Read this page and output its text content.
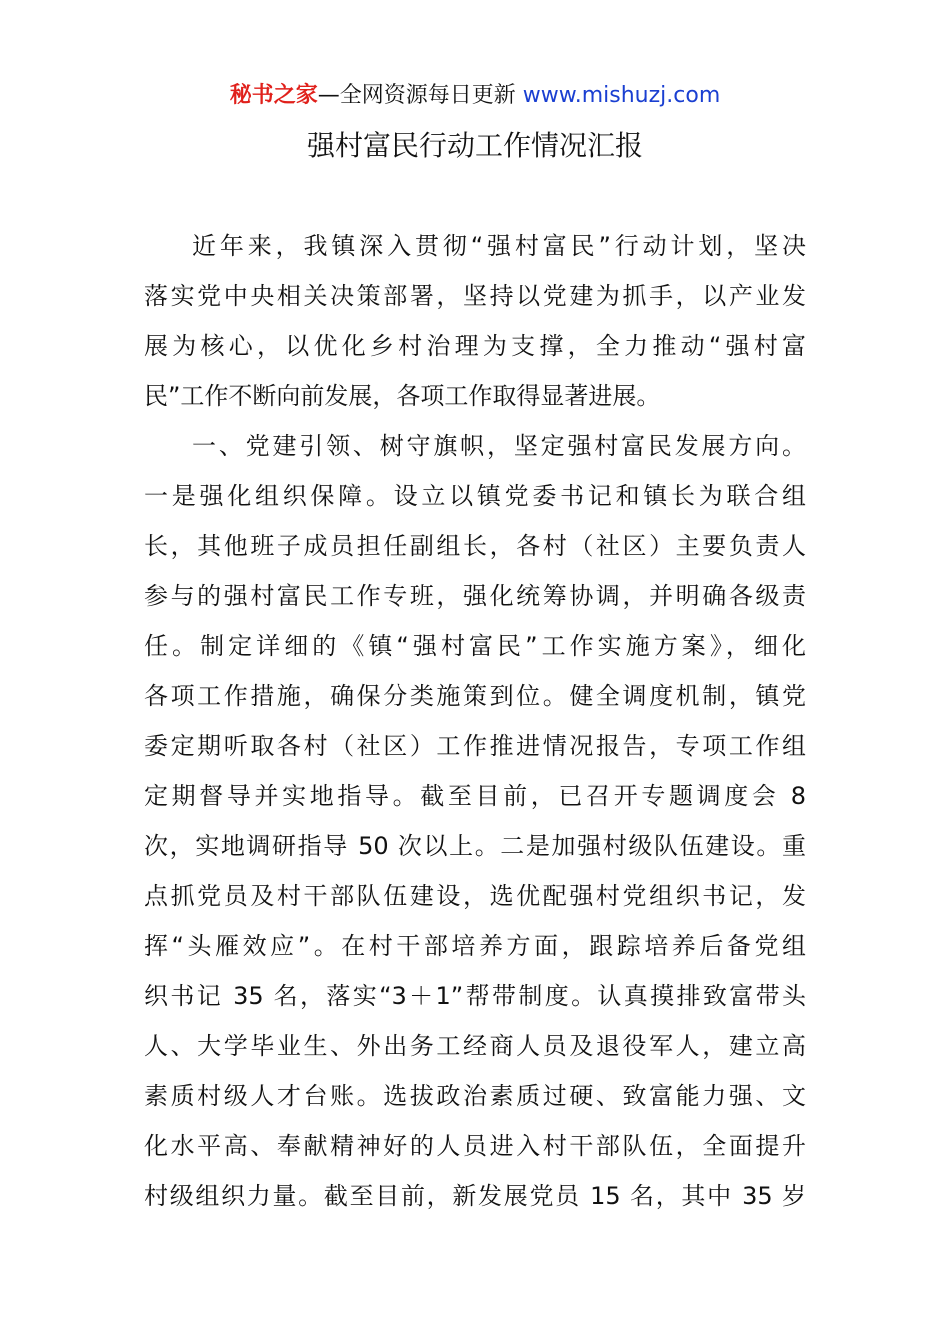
秘书之家—全网资源每日更新 www.mishuzj.com
强村富民行动工作情况汇报
近年来，我镇深入贯彻“强村富民”行动计划，坚决
落实党中央相关决策部署，坚持以党建为抓手，以产业发
展为核心，以优化乡村治理为支撑，全力推动“强村富
民”工作不断向前发展，各项工作取得显著进展。
一、党建引领、树守旗帜，坚定强村富民发展方向。
一是强化组织保障。设立以镇党委书记和镇长为联合组
长，其他班子成员担任副组长，各村（社区）主要负责人
参与的强村富民工作专班，强化统筹协调，并明确各级责
任。制定详细的《镇“强村富民”工作实施方案》，细化
各项工作措施，确保分类施策到位。健全调度机制，镇党
委定期听取各村（社区）工作推进情况报告，专项工作组
定期督导并实地指导。截至目前，已召开专题调度会 8
次，实地调研指导 50 次以上。二是加强村级队伍建设。重
点抓党员及村干部队伍建设，选优配强村党组织书记，发
挥“头雁效应”。在村干部培养方面，跟踪培养后备党组
织书记 35 名，落实“3＋1”帮带制度。认真摸排致富带头
人、大学毕业生、外出务工经商人员及退役军人，建立高
素质村级人才台账。选拔政治素质过硬、致富能力强、文
化水平高、奉献精神好的人员进入村干部队伍，全面提升
村级组织力量。截至目前，新发展党员 15 名，其中 35 岁
